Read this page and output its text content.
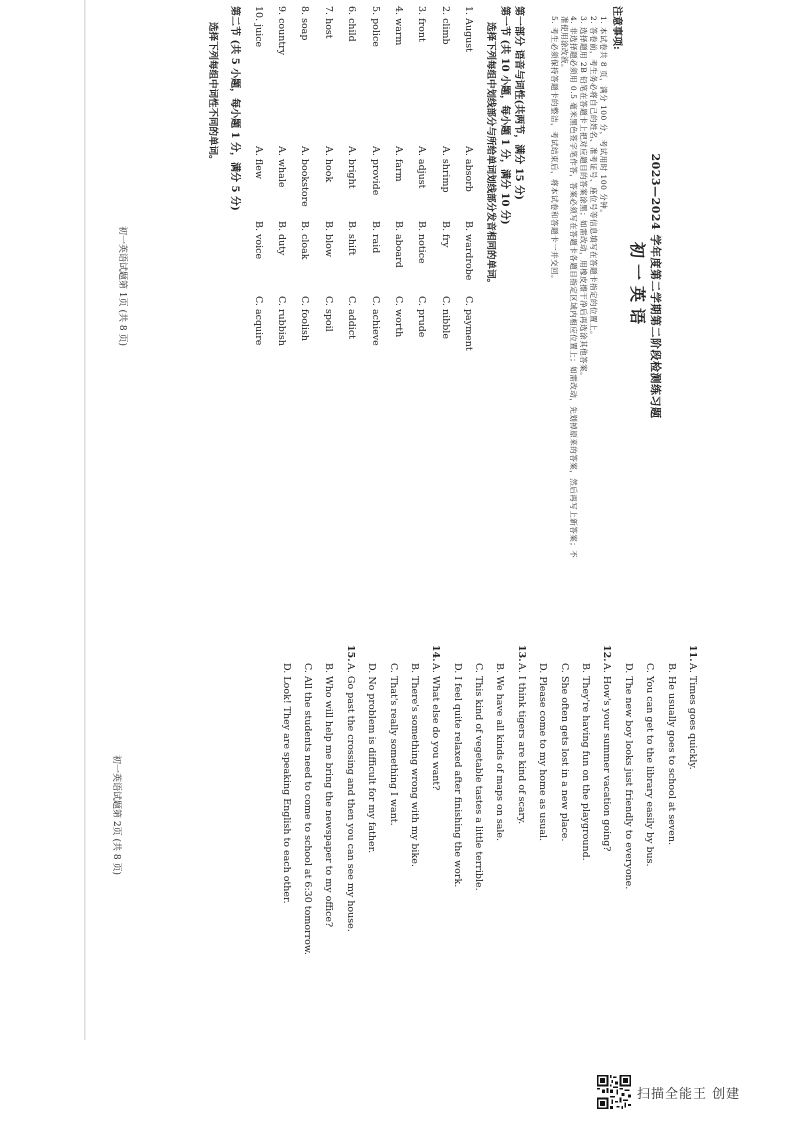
2023—2024 学年度第二学期第二阶段检测练习题
初一英语
注意事项:
1. 本试卷共 8 页，满分 100 分，考试用时 100 分钟。
2. 答卷前，考生务必将自己的姓名、准考证号、座位号等信息填写在答题卡指定的位置上。
3. 选择题用 2B 铅笔在答题卡上把对应题目的答案涂黑；如需改动，用橡皮擦干净后再选涂其他答案。
4. 非选择题必须用 0.5 毫米黑色签字笔作答，答案必须写在答题卡各题目指定区域内相应位置上；如需改动，先划掉原来的答案，然后再写上新答案；不准使用涂改液。
5. 考生必须保持答题卡的整洁，考试结束后，将本试卷和答题卡一并交回。
第一部分 语音与词性(共两节，满分 15 分)
第一节 (共 10 小题，每小题 1 分，满分 10 分)
选择下列每组中划线部分与所给单词划线部分发音相同的单词。
1. August
A. absorb
B. wardrobe
C. payment
2. climb
A. shrimp
B. fry
C. nibble
3. front
A. adjust
B. notice
C. prude
4. warm
A. farm
B. aboard
C. worth
5. police
A. provide
B. raid
C. achieve
6. child
A. bright
B. shift
C. addict
7. host
A. hook
B. blow
C. spoil
8. soap
A. bookstore
B. cloak
C. foolish
9. country
A. whale
B. duty
C. rubbish
10. juice
A. flew
B. voice
C. acquire
第二节 (共 5 小题，每小题 1 分，满分 5 分)
选择下列每组中词性不同的单词。
初一英语试题第 1页 (共 8 页)
11.A. Times goes quickly.
B. He usually goes to school at seven.
C. You can get to the library easily by bus.
D. The new boy looks just friendly to everyone.
12.A. How's your summer vacation going?
B. They're having fun on the playground.
C. She often gets lost in a new place.
D. Please come to my home as usual.
13.A. I think tigers are kind of scary.
B. We have all kinds of maps on sale.
C. This kind of vegetable tastes a little terrible.
D. I feel quite relaxed after finishing the work.
14.A. What else do you want?
B. There's something wrong with my bike.
C. That's really something I want.
D. No problem is difficult for my father.
15.A. Go past the crossing and then you can see my house.
B. Who will help me bring the newspaper to my office?
C. All the students need to come to school at 6:30 tomorrow.
D. Look! They are speaking English to each other.
初一英语试题第 2页 (共 8 页)
扫描全能王 创建
